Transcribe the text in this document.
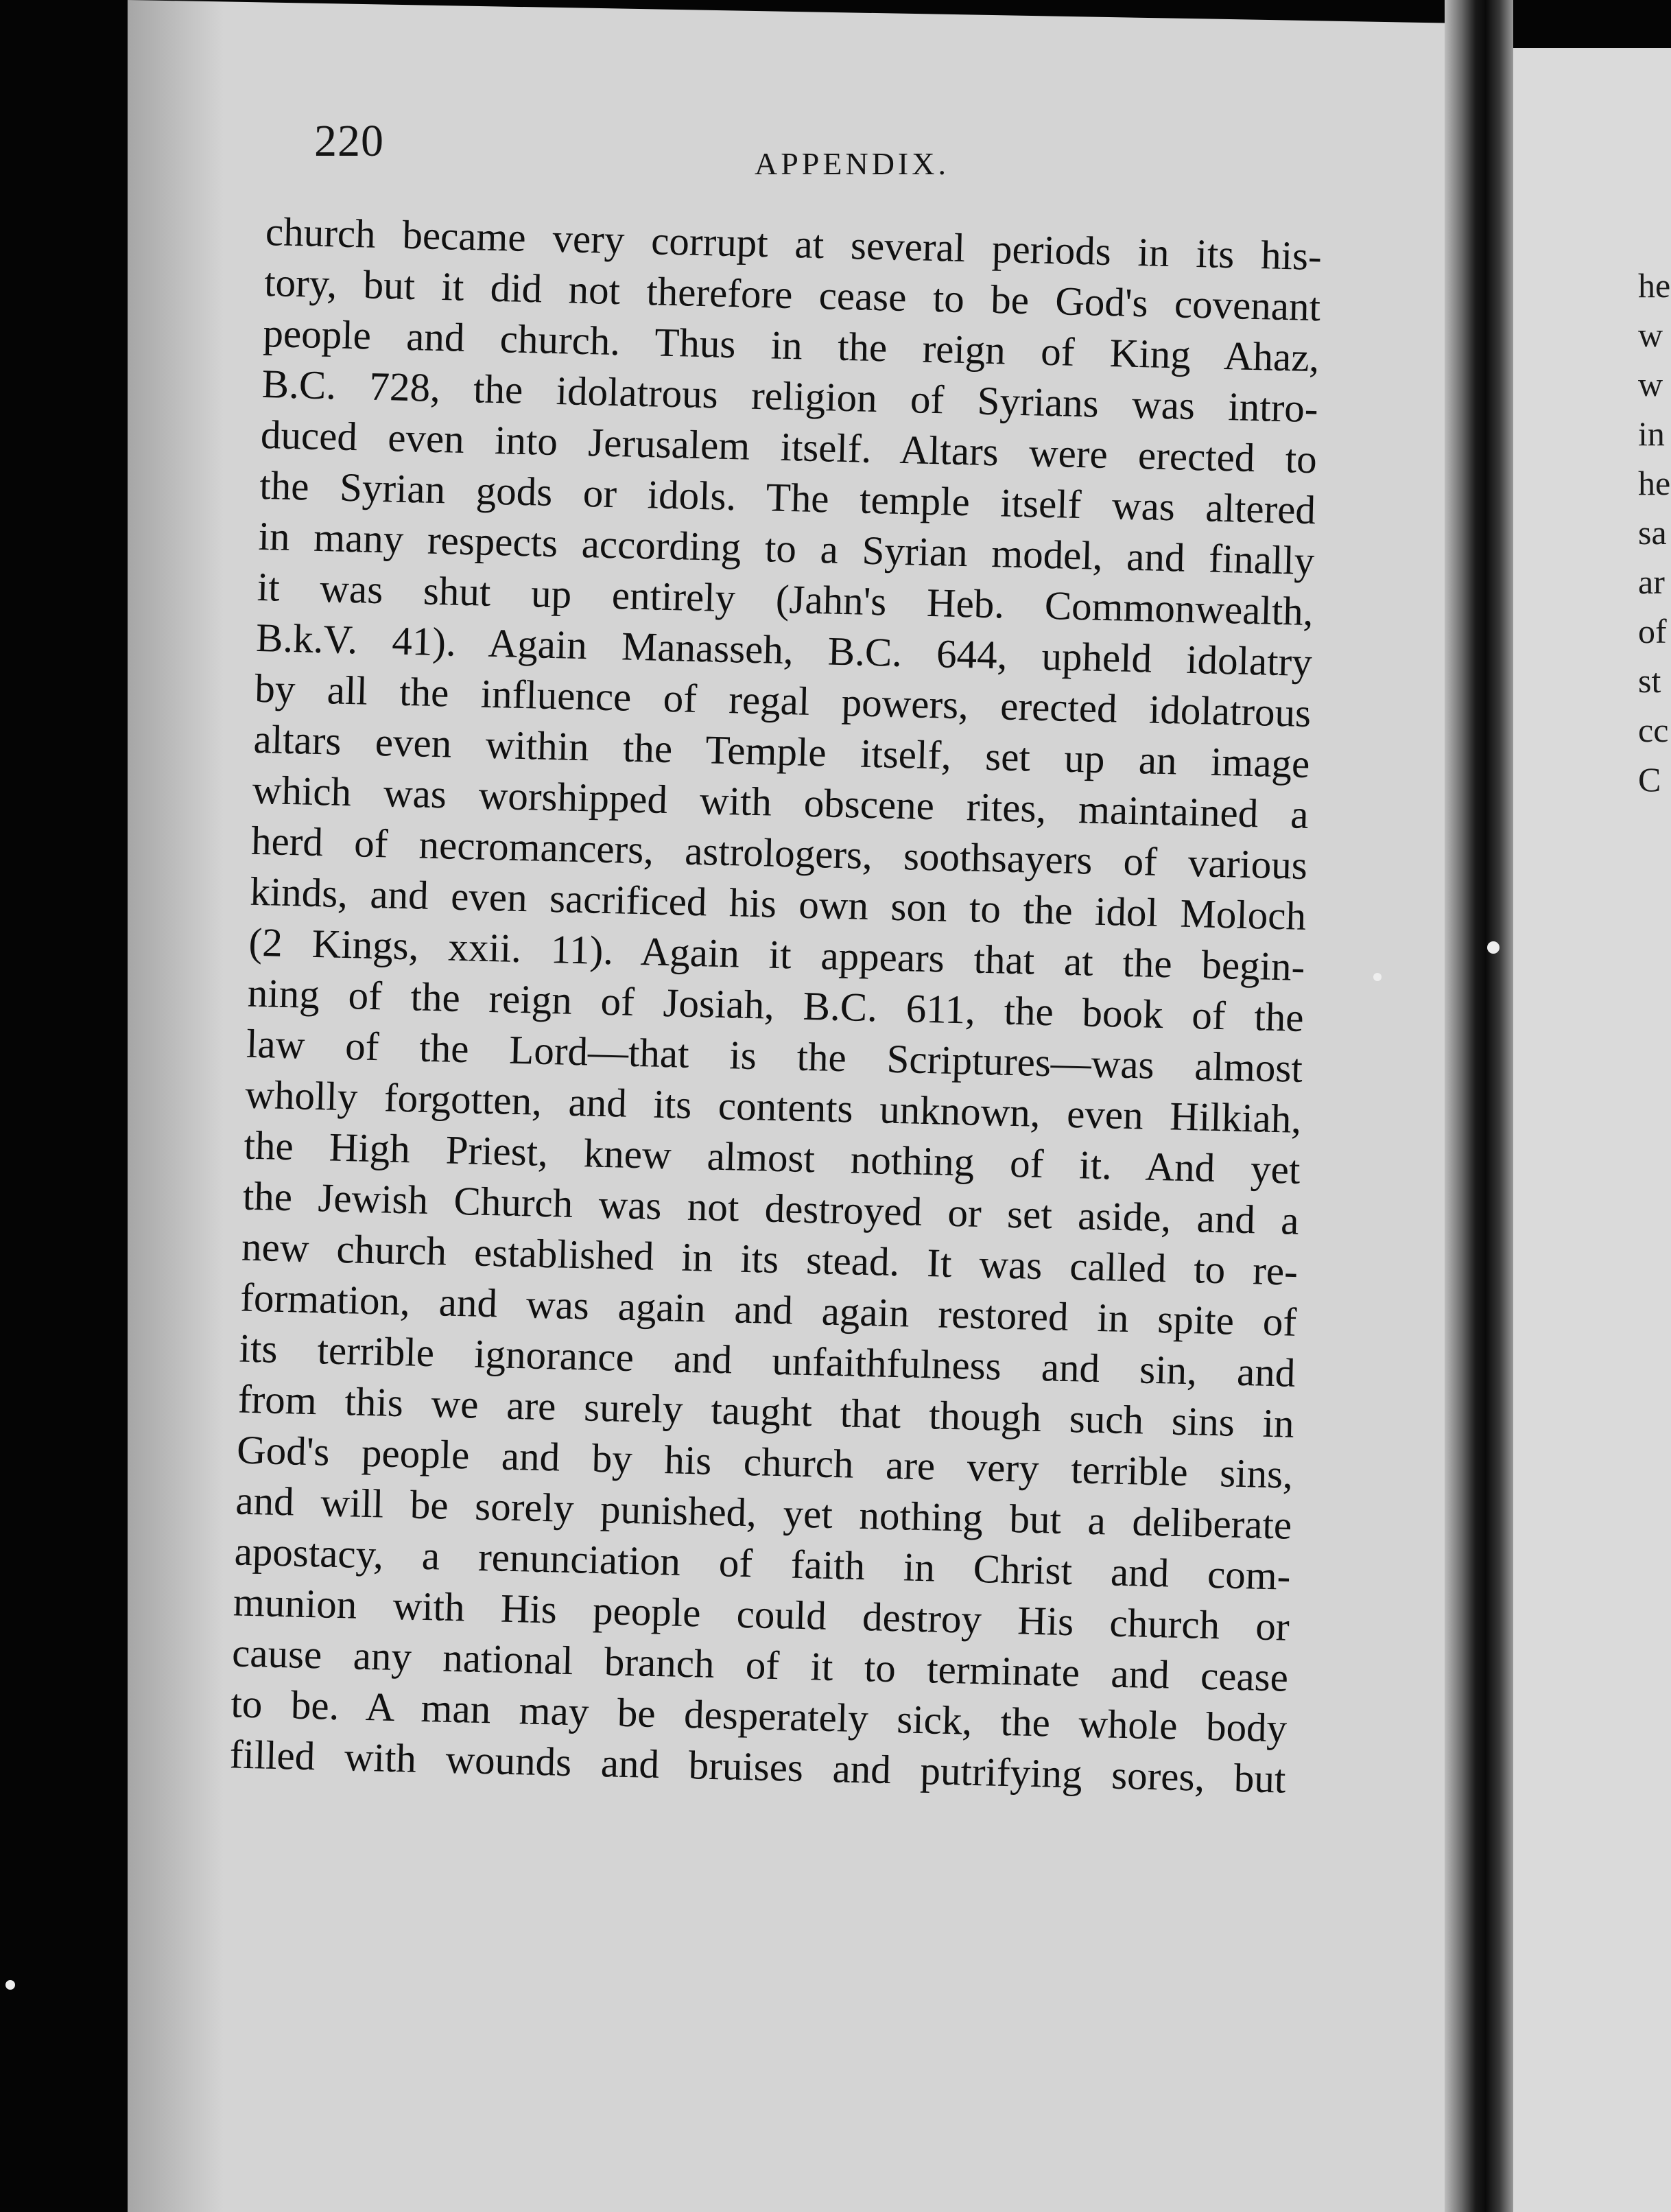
he
w
w
in
he
sa
ar
of
st
cc
C
220	APPENDIX.
church became very corrupt at several periods in its his-
tory, but it did not therefore cease to be God's covenant
people and church. Thus in the reign of King Ahaz,
B.C. 728, the idolatrous religion of Syrians was intro-
duced even into Jerusalem itself. Altars were erected to
the Syrian gods or idols. The temple itself was altered
in many respects according to a Syrian model, and finally
it was shut up entirely (Jahn's Heb. Commonwealth,
B.k.V. 41). Again Manasseh, B.C. 644, upheld idolatry
by all the influence of regal powers, erected idolatrous
altars even within the Temple itself, set up an image
which was worshipped with obscene rites, maintained a
herd of necromancers, astrologers, soothsayers of various
kinds, and even sacrificed his own son to the idol Moloch
(2 Kings, xxii. 11). Again it appears that at the begin-
ning of the reign of Josiah, B.C. 611, the book of the
law of the Lord—that is the Scriptures—was almost
wholly forgotten, and its contents unknown, even Hilkiah,
the High Priest, knew almost nothing of it. And yet
the Jewish Church was not destroyed or set aside, and a
new church established in its stead. It was called to re-
formation, and was again and again restored in spite of
its terrible ignorance and unfaithfulness and sin, and
from this we are surely taught that though such sins in
God's people and by his church are very terrible sins,
and will be sorely punished, yet nothing but a deliberate
apostacy, a renunciation of faith in Christ and com-
munion with His people could destroy His church or
cause any national branch of it to terminate and cease
to be. A man may be desperately sick, the whole body
filled with wounds and bruises and putrifying sores, but
